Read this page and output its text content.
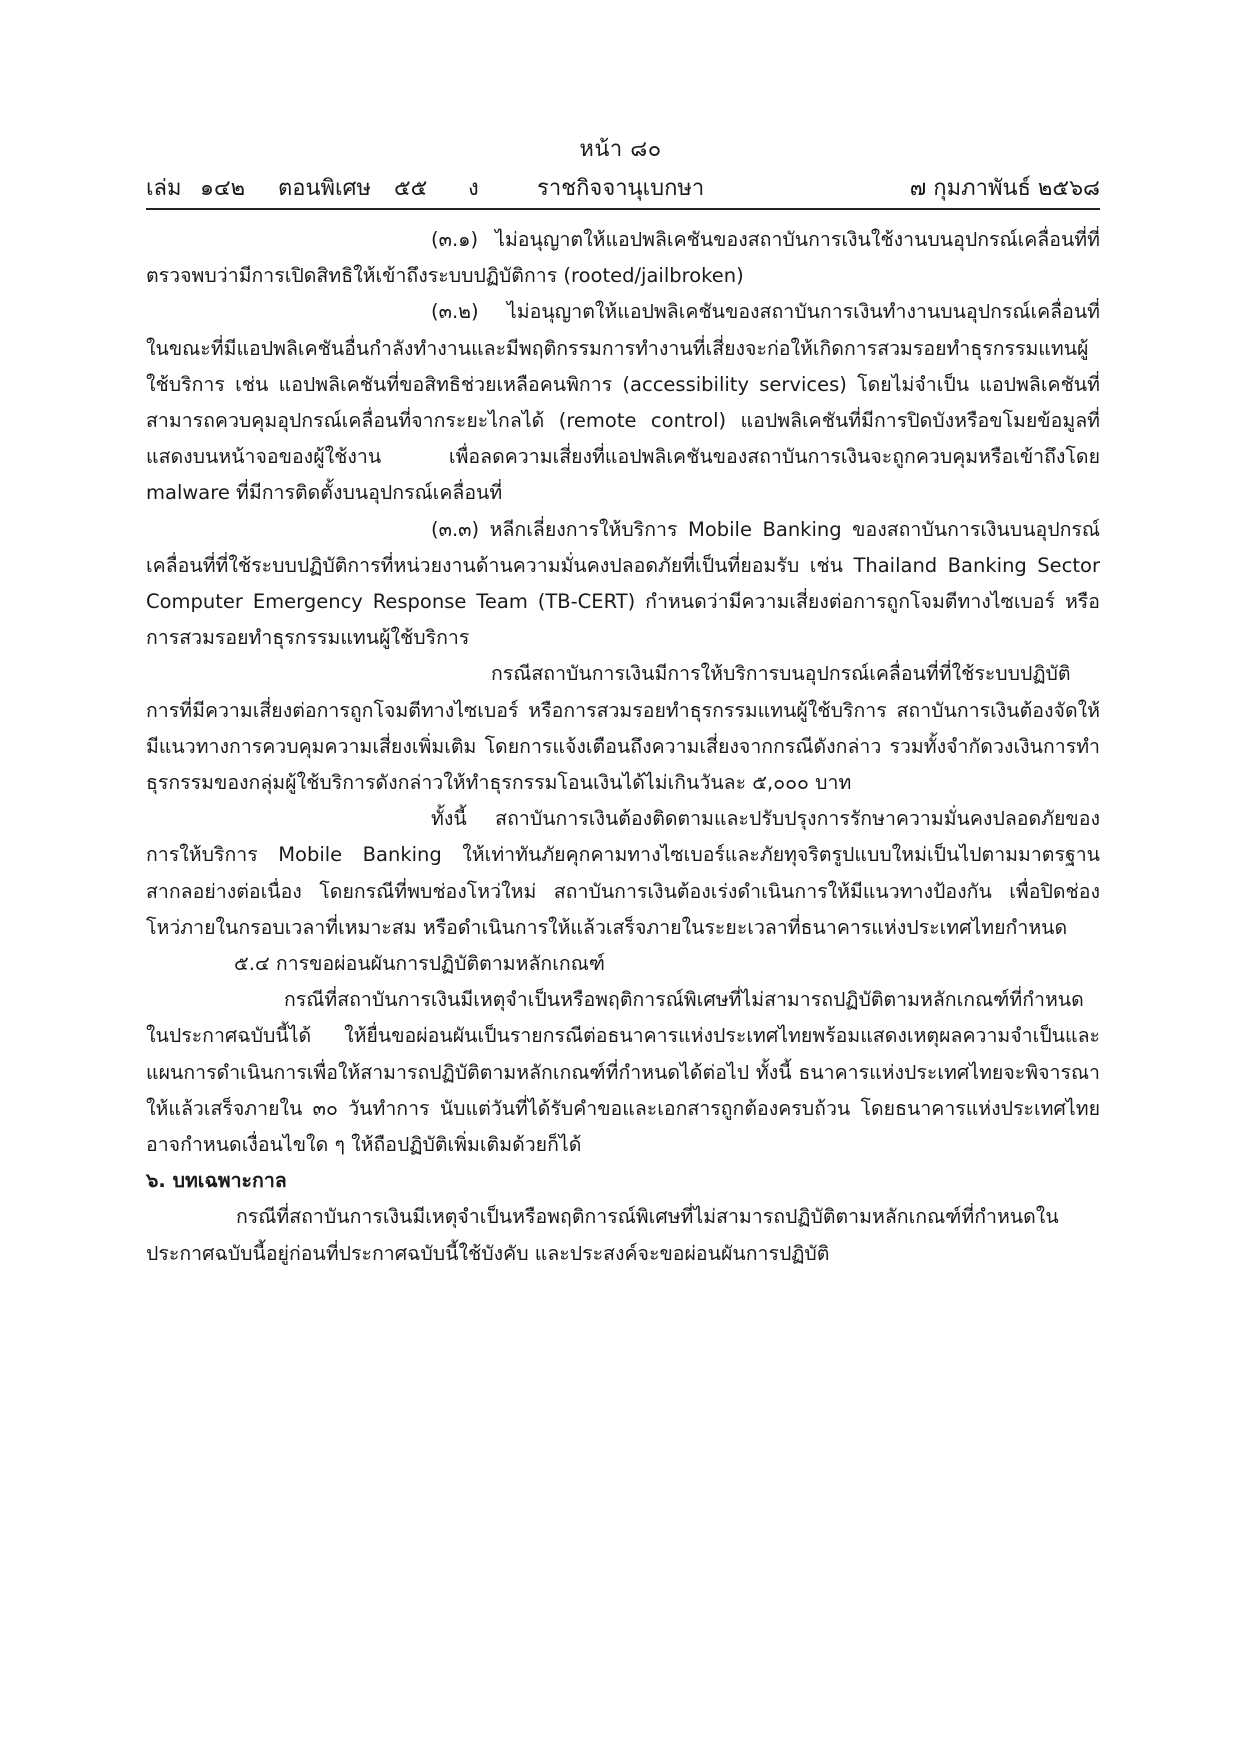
หน้า ๘๐
เล่ม ๑๔๒ ตอนพิเศษ ๕๕ ง	ราชกิจจานุเบกษา	๗ กุมภาพันธ์ ๒๕๖๘

(๓.๑) ไม่อนุญาตให้แอปพลิเคชันของสถาบันการเงินใช้งานบนอุปกรณ์เคลื่อนที่ที่ตรวจพบว่ามีการเปิดสิทธิให้เข้าถึงระบบปฏิบัติการ (rooted/jailbroken)

(๓.๒) ไม่อนุญาตให้แอปพลิเคชันของสถาบันการเงินทำงานบนอุปกรณ์เคลื่อนที่ในขณะที่มีแอปพลิเคชันอื่นกำลังทำงานและมีพฤติกรรมการทำงานที่เสี่ยงจะก่อให้เกิดการสวมรอยทำธุรกรรมแทนผู้ใช้บริการ เช่น แอปพลิเคชันที่ขอสิทธิช่วยเหลือคนพิการ (accessibility services) โดยไม่จำเป็น แอปพลิเคชันที่สามารถควบคุมอุปกรณ์เคลื่อนที่จากระยะไกลได้ (remote control) แอปพลิเคชันที่มีการปิดบังหรือขโมยข้อมูลที่แสดงบนหน้าจอของผู้ใช้งาน เพื่อลดความเสี่ยงที่แอปพลิเคชันของสถาบันการเงินจะถูกควบคุมหรือเข้าถึงโดย malware ที่มีการติดตั้งบนอุปกรณ์เคลื่อนที่

(๓.๓) หลีกเลี่ยงการให้บริการ Mobile Banking ของสถาบันการเงินบนอุปกรณ์เคลื่อนที่ที่ใช้ระบบปฏิบัติการที่หน่วยงานด้านความมั่นคงปลอดภัยที่เป็นที่ยอมรับ เช่น Thailand Banking Sector Computer Emergency Response Team (TB-CERT) กำหนดว่ามีความเสี่ยงต่อการถูกโจมตีทางไซเบอร์ หรือการสวมรอยทำธุรกรรมแทนผู้ใช้บริการ

กรณีสถาบันการเงินมีการให้บริการบนอุปกรณ์เคลื่อนที่ที่ใช้ระบบปฏิบัติการที่มีความเสี่ยงต่อการถูกโจมตีทางไซเบอร์ หรือการสวมรอยทำธุรกรรมแทนผู้ใช้บริการ สถาบันการเงินต้องจัดให้มีแนวทางการควบคุมความเสี่ยงเพิ่มเติม โดยการแจ้งเตือนถึงความเสี่ยงจากกรณีดังกล่าว รวมทั้งจำกัดวงเงินการทำธุรกรรมของกลุ่มผู้ใช้บริการดังกล่าวให้ทำธุรกรรมโอนเงินได้ไม่เกินวันละ ๕,๐๐๐ บาท

ทั้งนี้ สถาบันการเงินต้องติดตามและปรับปรุงการรักษาความมั่นคงปลอดภัยของการให้บริการ Mobile Banking ให้เท่าทันภัยคุกคามทางไซเบอร์และภัยทุจริตรูปแบบใหม่เป็นไปตามมาตรฐานสากลอย่างต่อเนื่อง โดยกรณีที่พบช่องโหว่ใหม่ สถาบันการเงินต้องเร่งดำเนินการให้มีแนวทางป้องกัน เพื่อปิดช่องโหว่ภายในกรอบเวลาที่เหมาะสม หรือดำเนินการให้แล้วเสร็จภายในระยะเวลาที่ธนาคารแห่งประเทศไทยกำหนด

๕.๔ การขอผ่อนผันการปฏิบัติตามหลักเกณฑ์

กรณีที่สถาบันการเงินมีเหตุจำเป็นหรือพฤติการณ์พิเศษที่ไม่สามารถปฏิบัติตามหลักเกณฑ์ที่กำหนดในประกาศฉบับนี้ได้ ให้ยื่นขอผ่อนผันเป็นรายกรณีต่อธนาคารแห่งประเทศไทยพร้อมแสดงเหตุผลความจำเป็นและแผนการดำเนินการเพื่อให้สามารถปฏิบัติตามหลักเกณฑ์ที่กำหนดได้ต่อไป ทั้งนี้ ธนาคารแห่งประเทศไทยจะพิจารณาให้แล้วเสร็จภายใน ๓๐ วันทำการ นับแต่วันที่ได้รับคำขอและเอกสารถูกต้องครบถ้วน โดยธนาคารแห่งประเทศไทยอาจกำหนดเงื่อนไขใด ๆ ให้ถือปฏิบัติเพิ่มเติมด้วยก็ได้

๖. บทเฉพาะกาล

กรณีที่สถาบันการเงินมีเหตุจำเป็นหรือพฤติการณ์พิเศษที่ไม่สามารถปฏิบัติตามหลักเกณฑ์ที่กำหนดในประกาศฉบับนี้อยู่ก่อนที่ประกาศฉบับนี้ใช้บังคับ และประสงค์จะขอผ่อนผันการปฏิบัติ
